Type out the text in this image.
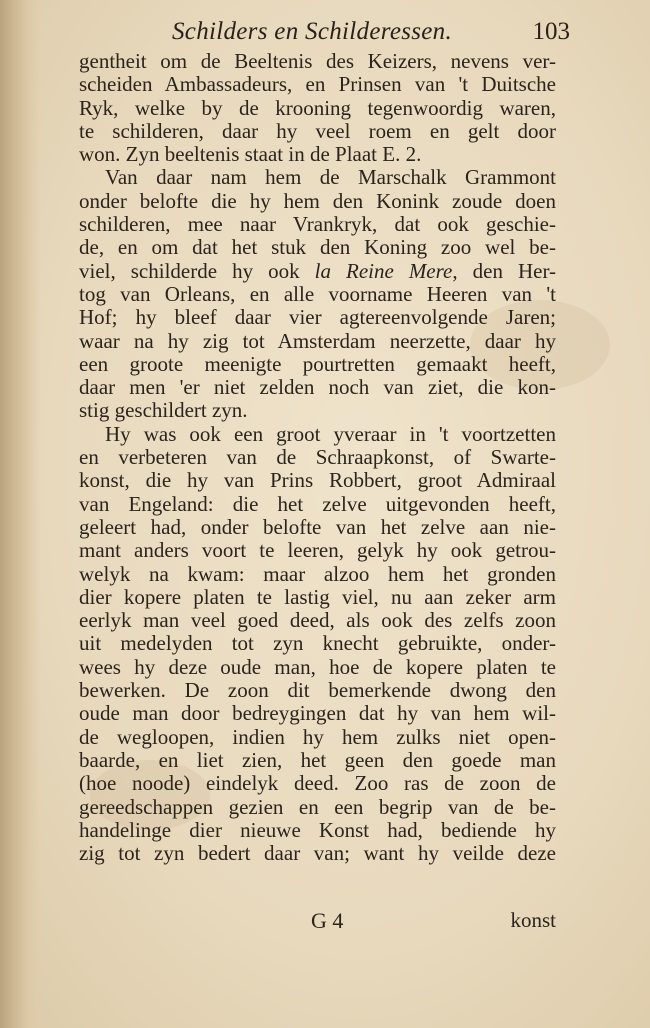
Schilders en Schilderessen.	103
gentheit om de Beeltenis des Keizers, nevens ver-
scheiden Ambassadeurs, en Prinsen van 't Duitsche
Ryk, welke by de krooning tegenwoordig waren,
te schilderen, daar hy veel roem en gelt door
won. Zyn beeltenis staat in de Plaat E. 2.
Van daar nam hem de Marschalk Grammont
onder belofte die hy hem den Konink zoude doen
schilderen, mee naar Vrankryk, dat ook geschie-
de, en om dat het stuk den Koning zoo wel be-
viel, schilderde hy ook la Reine Mere, den Her-
tog van Orleans, en alle voorname Heeren van 't
Hof; hy bleef daar vier agtereenvolgende Jaren;
waar na hy zig tot Amsterdam neerzette, daar hy
een groote meenigte pourtretten gemaakt heeft,
daar men 'er niet zelden noch van ziet, die kon-
stig geschildert zyn.
Hy was ook een groot yveraar in 't voortzetten
en verbeteren van de Schraapkonst, of Swarte-
konst, die hy van Prins Robbert, groot Admiraal
van Engeland: die het zelve uitgevonden heeft,
geleert had, onder belofte van het zelve aan nie-
mant anders voort te leeren, gelyk hy ook getrou-
welyk na kwam: maar alzoo hem het gronden
dier kopere platen te lastig viel, nu aan zeker arm
eerlyk man veel goed deed, als ook des zelfs zoon
uit medelyden tot zyn knecht gebruikte, onder-
wees hy deze oude man, hoe de kopere platen te
bewerken. De zoon dit bemerkende dwong den
oude man door bedreygingen dat hy van hem wil-
de wegloopen, indien hy hem zulks niet open-
baarde, en liet zien, het geen den goede man
(hoe noode) eindelyk deed. Zoo ras de zoon de
gereedschappen gezien en een begrip van de be-
handelinge dier nieuwe Konst had, bediende hy
zig tot zyn bedert daar van; want hy veilde deze
G 4	konst
